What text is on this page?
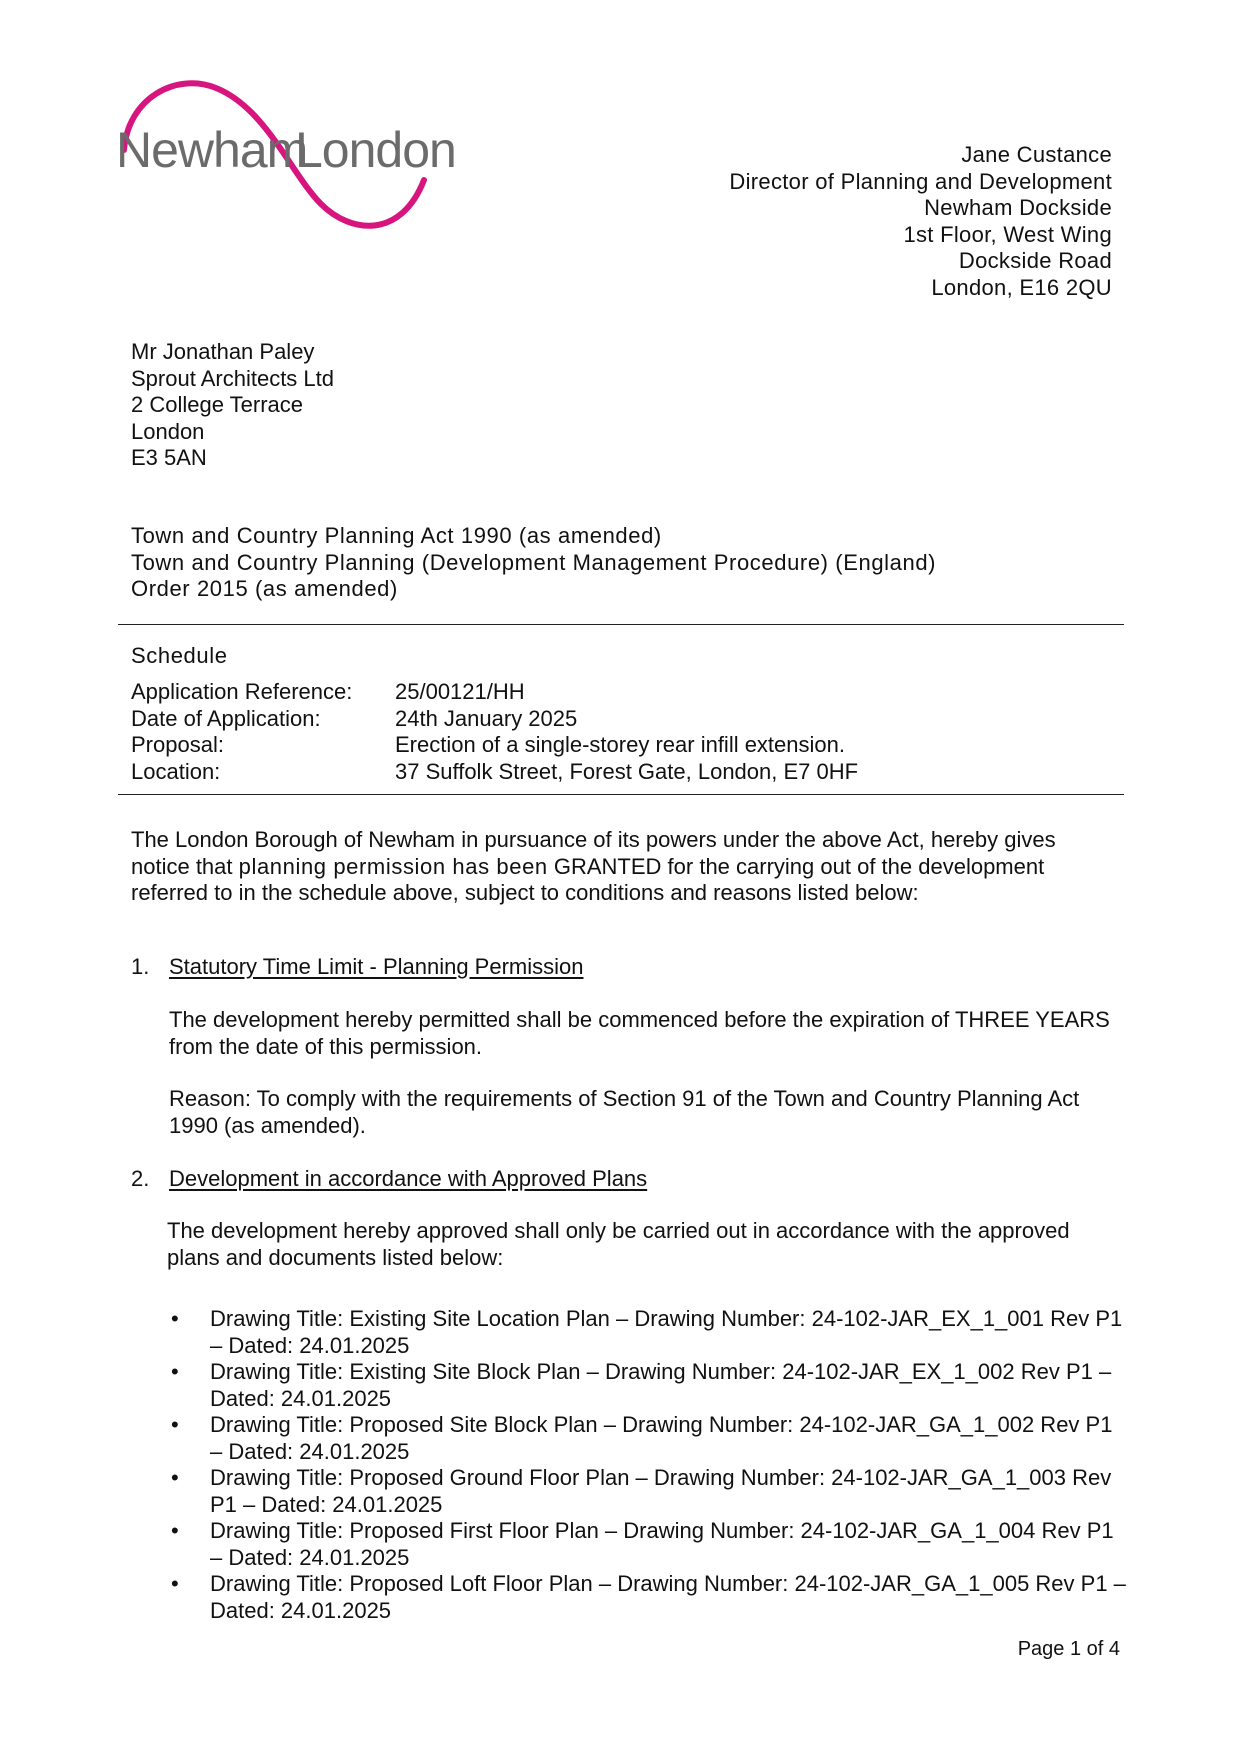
Newham
London	Jane Custance
Director of Planning and Development
Newham Dockside
1st Floor, West Wing
Dockside Road
London, E16 2QU
Mr Jonathan Paley
Sprout Architects Ltd
2 College Terrace
London
E3 5AN
Town and Country Planning Act 1990 (as amended)
Town and Country Planning (Development Management Procedure) (England)
Order 2015 (as amended)
Schedule
Application Reference:	25/00121/HH
Date of Application:	24th January 2025
Proposal:	Erection of a single-storey rear infill extension.
Location:	37 Suffolk Street, Forest Gate, London, E7 0HF
The London Borough of Newham in pursuance of its powers under the above Act, hereby gives notice that planning permission has been GRANTED for the carrying out of the development referred to in the schedule above, subject to conditions and reasons listed below:
1. Statutory Time Limit - Planning Permission
The development hereby permitted shall be commenced before the expiration of THREE YEARS from the date of this permission.
Reason: To comply with the requirements of Section 91 of the Town and Country Planning Act 1990 (as amended).
2. Development in accordance with Approved Plans
The development hereby approved shall only be carried out in accordance with the approved plans and documents listed below:
•	Drawing Title: Existing Site Location Plan – Drawing Number: 24-102-JAR_EX_1_001 Rev P1 – Dated: 24.01.2025
•	Drawing Title: Existing Site Block Plan – Drawing Number: 24-102-JAR_EX_1_002 Rev P1 – Dated: 24.01.2025
•	Drawing Title: Proposed Site Block Plan – Drawing Number: 24-102-JAR_GA_1_002 Rev P1 – Dated: 24.01.2025
•	Drawing Title: Proposed Ground Floor Plan – Drawing Number: 24-102-JAR_GA_1_003 Rev P1 – Dated: 24.01.2025
•	Drawing Title: Proposed First Floor Plan – Drawing Number: 24-102-JAR_GA_1_004 Rev P1 – Dated: 24.01.2025
•	Drawing Title: Proposed Loft Floor Plan – Drawing Number: 24-102-JAR_GA_1_005 Rev P1 – Dated: 24.01.2025
Page 1 of 4
